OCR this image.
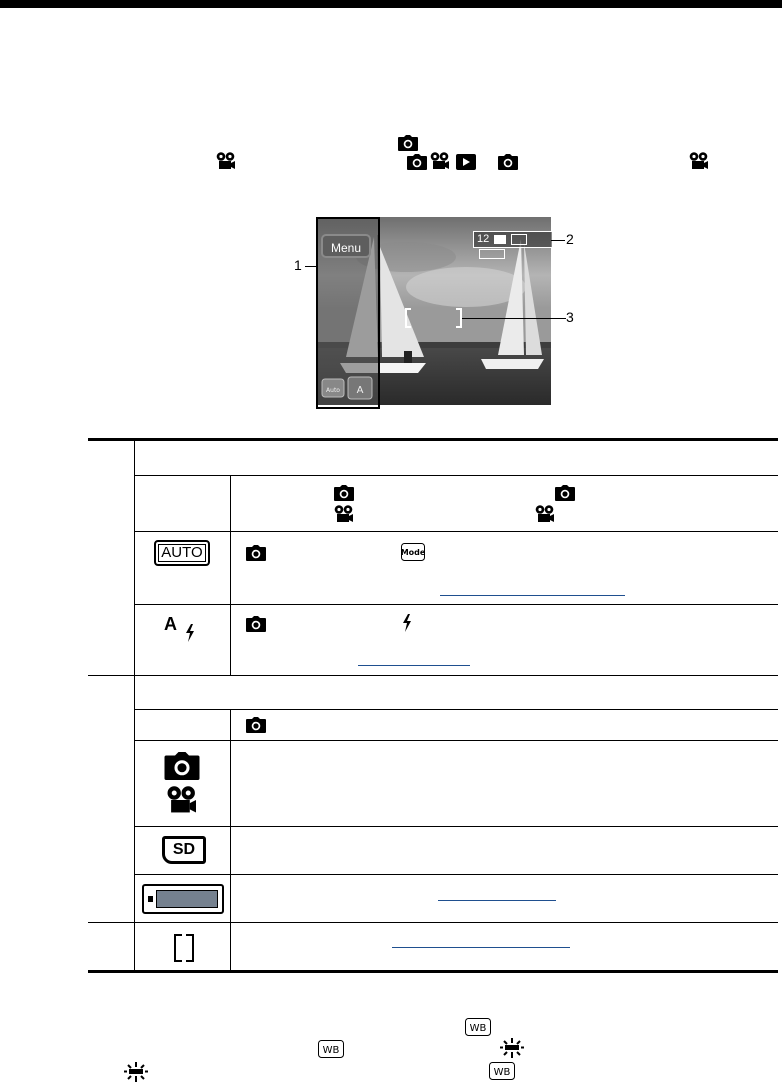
Auto A
Menu
12
1
2
3
AUTO
A
SD
